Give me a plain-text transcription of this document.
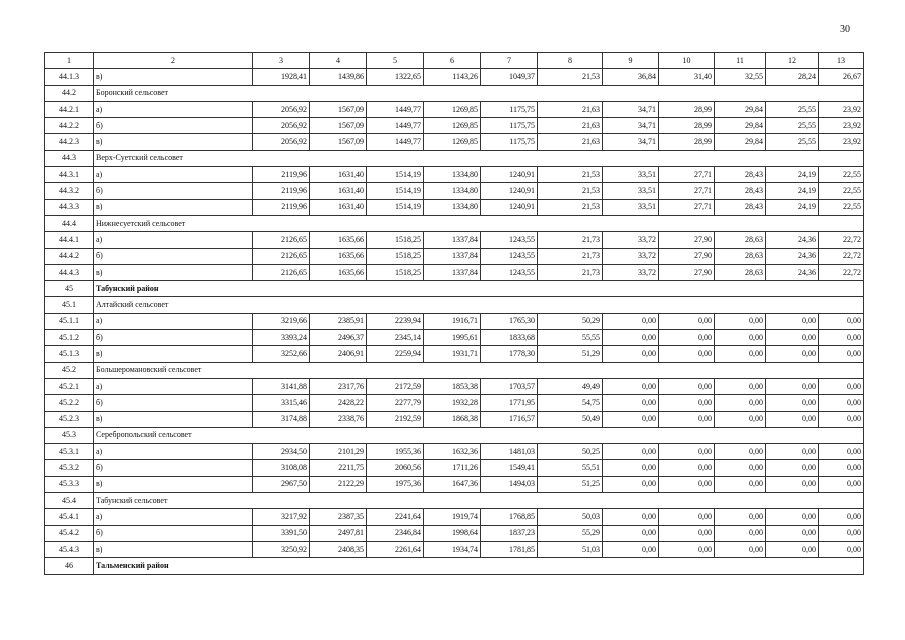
30
1	2	3	4	5	6	7	8	9	10	11	12	13
44.1.3	в)	1928,41	1439,86	1322,65	1143,26	1049,37	21,53	36,84	31,40	32,55	28,24	26,67
44.2	Боронский сельсовет											
44.2.1	а)	2056,92	1567,09	1449,77	1269,85	1175,75	21,63	34,71	28,99	29,84	25,55	23,92
44.2.2	б)	2056,92	1567,09	1449,77	1269,85	1175,75	21,63	34,71	28,99	29,84	25,55	23,92
44.2.3	в)	2056,92	1567,09	1449,77	1269,85	1175,75	21,63	34,71	28,99	29,84	25,55	23,92
44.3	Верх-Суетский сельсовет											
44.3.1	а)	2119,96	1631,40	1514,19	1334,80	1240,91	21,53	33,51	27,71	28,43	24,19	22,55
44.3.2	б)	2119,96	1631,40	1514,19	1334,80	1240,91	21,53	33,51	27,71	28,43	24,19	22,55
44.3.3	в)	2119,96	1631,40	1514,19	1334,80	1240,91	21,53	33,51	27,71	28,43	24,19	22,55
44.4	Нижнесуетский сельсовет											
44.4.1	а)	2126,65	1635,66	1518,25	1337,84	1243,55	21,73	33,72	27,90	28,63	24,36	22,72
44.4.2	б)	2126,65	1635,66	1518,25	1337,84	1243,55	21,73	33,72	27,90	28,63	24,36	22,72
44.4.3	в)	2126,65	1635,66	1518,25	1337,84	1243,55	21,73	33,72	27,90	28,63	24,36	22,72
45	Табунский район											
45.1	Алтайский сельсовет											
45.1.1	а)	3219,66	2385,91	2239,94	1916,71	1765,30	50,29	0,00	0,00	0,00	0,00	0,00
45.1.2	б)	3393,24	2496,37	2345,14	1995,61	1833,68	55,55	0,00	0,00	0,00	0,00	0,00
45.1.3	в)	3252,66	2406,91	2259,94	1931,71	1778,30	51,29	0,00	0,00	0,00	0,00	0,00
45.2	Большеромановский сельсовет											
45.2.1	а)	3141,88	2317,76	2172,59	1853,38	1703,57	49,49	0,00	0,00	0,00	0,00	0,00
45.2.2	б)	3315,46	2428,22	2277,79	1932,28	1771,95	54,75	0,00	0,00	0,00	0,00	0,00
45.2.3	в)	3174,88	2338,76	2192,59	1868,38	1716,57	50,49	0,00	0,00	0,00	0,00	0,00
45.3	Серебропольский сельсовет											
45.3.1	а)	2934,50	2101,29	1955,36	1632,36	1481,03	50,25	0,00	0,00	0,00	0,00	0,00
45.3.2	б)	3108,08	2211,75	2060,56	1711,26	1549,41	55,51	0,00	0,00	0,00	0,00	0,00
45.3.3	в)	2967,50	2122,29	1975,36	1647,36	1494,03	51,25	0,00	0,00	0,00	0,00	0,00
45.4	Табунский сельсовет											
45.4.1	а)	3217,92	2387,35	2241,64	1919,74	1768,85	50,03	0,00	0,00	0,00	0,00	0,00
45.4.2	б)	3391,50	2497,81	2346,84	1998,64	1837,23	55,29	0,00	0,00	0,00	0,00	0,00
45.4.3	в)	3250,92	2408,35	2261,64	1934,74	1781,85	51,03	0,00	0,00	0,00	0,00	0,00
46	Тальменский район											
